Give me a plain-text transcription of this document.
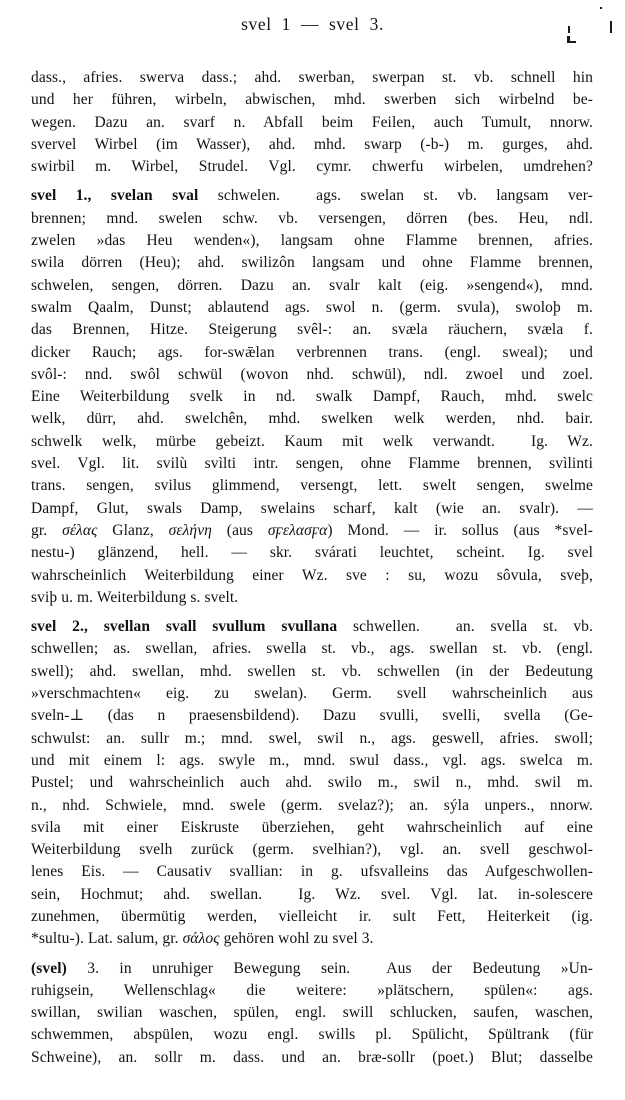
svel 1 — svel 3.
dass., afries. swerva dass.; ahd. swerban, swerpan st. vb. schnell hin
und her führen, wirbeln, abwischen, mhd. swerben sich wirbelnd be-
wegen. Dazu an. svarf n. Abfall beim Feilen, auch Tumult, nnorw.
svervel Wirbel (im Wasser), ahd. mhd. swarp (-b-) m. gurges, ahd.
swirbil m. Wirbel, Strudel. Vgl. cymr. chwerfu wirbelen, umdrehen?
svel 1., svelan sval schwelen. ags. swelan st. vb. langsam ver-
brennen; mnd. swelen schw. vb. versengen, dörren (bes. Heu, ndl.
zwelen »das Heu wenden«), langsam ohne Flamme brennen, afries.
swila dörren (Heu); ahd. swilizôn langsam und ohne Flamme brennen,
schwelen, sengen, dörren. Dazu an. svalr kalt (eig. »sengend«), mnd.
swalm Qaalm, Dunst; ablautend ags. swol n. (germ. svula), swoloþ m.
das Brennen, Hitze. Steigerung svêl-: an. svæla räuchern, svæla f.
dicker Rauch; ags. for-swǣlan verbrennen trans. (engl. sweal); und
svôl-: nnd. swôl schwül (wovon nhd. schwül), ndl. zwoel und zoel.
Eine Weiterbildung svelk in nd. swalk Dampf, Rauch, mhd. swelc
welk, dürr, ahd. swelchên, mhd. swelken welk werden, nhd. bair.
schwelk welk, mürbe gebeizt. Kaum mit welk verwandt. Ig. Wz.
svel. Vgl. lit. svilù svìlti intr. sengen, ohne Flamme brennen, svìlinti
trans. sengen, svilus glimmend, versengt, lett. swelt sengen, swelme
Dampf, Glut, swals Damp, swelains scharf, kalt (wie an. svalr). —
gr. σέλας Glanz, σελήνη (aus σϝελασϝα) Mond. — ir. sollus (aus *svel-
nestu-) glänzend, hell. — skr. svárati leuchtet, scheint. Ig. svel
wahrscheinlich Weiterbildung einer Wz. sve : su, wozu sôvula, sveþ,
sviþ u. m. Weiterbildung s. svelt.
svel 2., svellan svall svullum svullana schwellen. an. svella st. vb.
schwellen; as. swellan, afries. swella st. vb., ags. swellan st. vb. (engl.
swell); ahd. swellan, mhd. swellen st. vb. schwellen (in der Bedeutung
»verschmachten« eig. zu swelan). Germ. svell wahrscheinlich aus
sveln-⊥ (das n praesensbildend). Dazu svulli, svelli, svella (Ge-
schwulst: an. sullr m.; mnd. swel, swil n., ags. geswell, afries. swoll;
und mit einem l: ags. swyle m., mnd. swul dass., vgl. ags. swelca m.
Pustel; und wahrscheinlich auch ahd. swilo m., swil n., mhd. swil m.
n., nhd. Schwiele, mnd. swele (germ. svelaz?); an. sýla unpers., nnorw.
svila mit einer Eiskruste überziehen, geht wahrscheinlich auf eine
Weiterbildung svelh zurück (germ. svelhian?), vgl. an. svell geschwol-
lenes Eis. — Causativ svallian: in g. ufsvalleins das Aufgeschwollen-
sein, Hochmut; ahd. swellan. Ig. Wz. svel. Vgl. lat. in-solescere
zunehmen, übermütig werden, vielleicht ir. sult Fett, Heiterkeit (ig.
*sultu-). Lat. salum, gr. σάλος gehören wohl zu svel 3.
(svel) 3. in unruhiger Bewegung sein. Aus der Bedeutung »Un-
ruhigsein, Wellenschlag« die weitere: »plätschern, spülen«: ags.
swillan, swilian waschen, spülen, engl. swill schlucken, saufen, waschen,
schwemmen, abspülen, wozu engl. swills pl. Spülicht, Spültrank (für
Schweine), an. sollr m. dass. und an. bræ-sollr (poet.) Blut; dasselbe
